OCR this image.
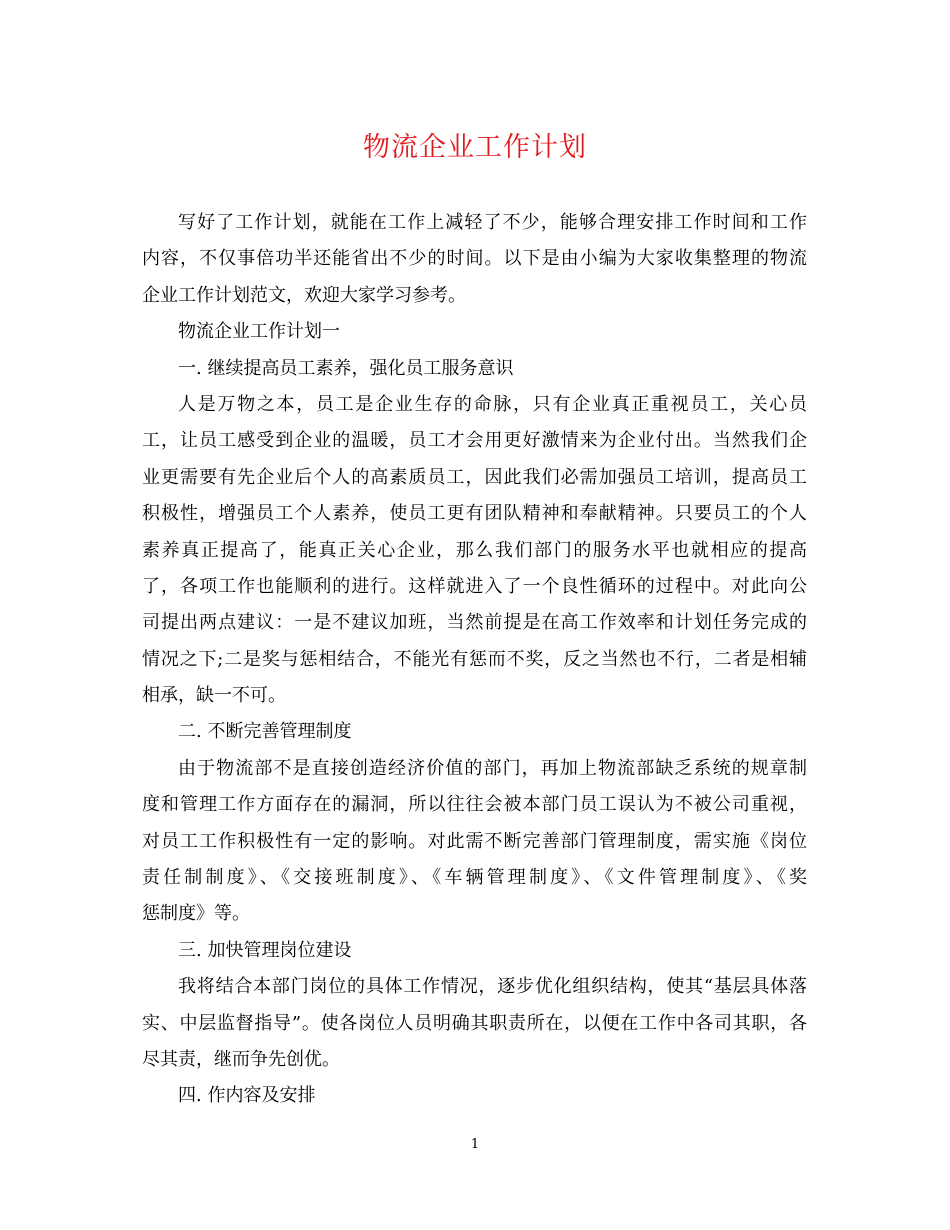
物流企业工作计划
写好了工作计划，就能在工作上减轻了不少，能够合理安排工作时间和工作
内容，不仅事倍功半还能省出不少的时间。以下是由小编为大家收集整理的物流
企业工作计划范文，欢迎大家学习参考。
物流企业工作计划一
一. 继续提高员工素养，强化员工服务意识
人是万物之本，员工是企业生存的命脉，只有企业真正重视员工，关心员
工，让员工感受到企业的温暖，员工才会用更好激情来为企业付出。当然我们企
业更需要有先企业后个人的高素质员工，因此我们必需加强员工培训，提高员工
积极性，增强员工个人素养，使员工更有团队精神和奉献精神。只要员工的个人
素养真正提高了，能真正关心企业，那么我们部门的服务水平也就相应的提高
了，各项工作也能顺利的进行。这样就进入了一个良性循环的过程中。对此向公
司提出两点建议：一是不建议加班，当然前提是在高工作效率和计划任务完成的
情况之下;二是奖与惩相结合，不能光有惩而不奖，反之当然也不行，二者是相辅
相承，缺一不可。
二. 不断完善管理制度
由于物流部不是直接创造经济价值的部门，再加上物流部缺乏系统的规章制
度和管理工作方面存在的漏洞，所以往往会被本部门员工误认为不被公司重视，
对员工工作积极性有一定的影响。对此需不断完善部门管理制度，需实施《岗位
责任制制度》、《交接班制度》、《车辆管理制度》、《文件管理制度》、《奖
惩制度》等。
三. 加快管理岗位建设
我将结合本部门岗位的具体工作情况，逐步优化组织结构，使其“基层具体落
实、中层监督指导”。使各岗位人员明确其职责所在，以便在工作中各司其职，各
尽其责，继而争先创优。
四. 作内容及安排
1
